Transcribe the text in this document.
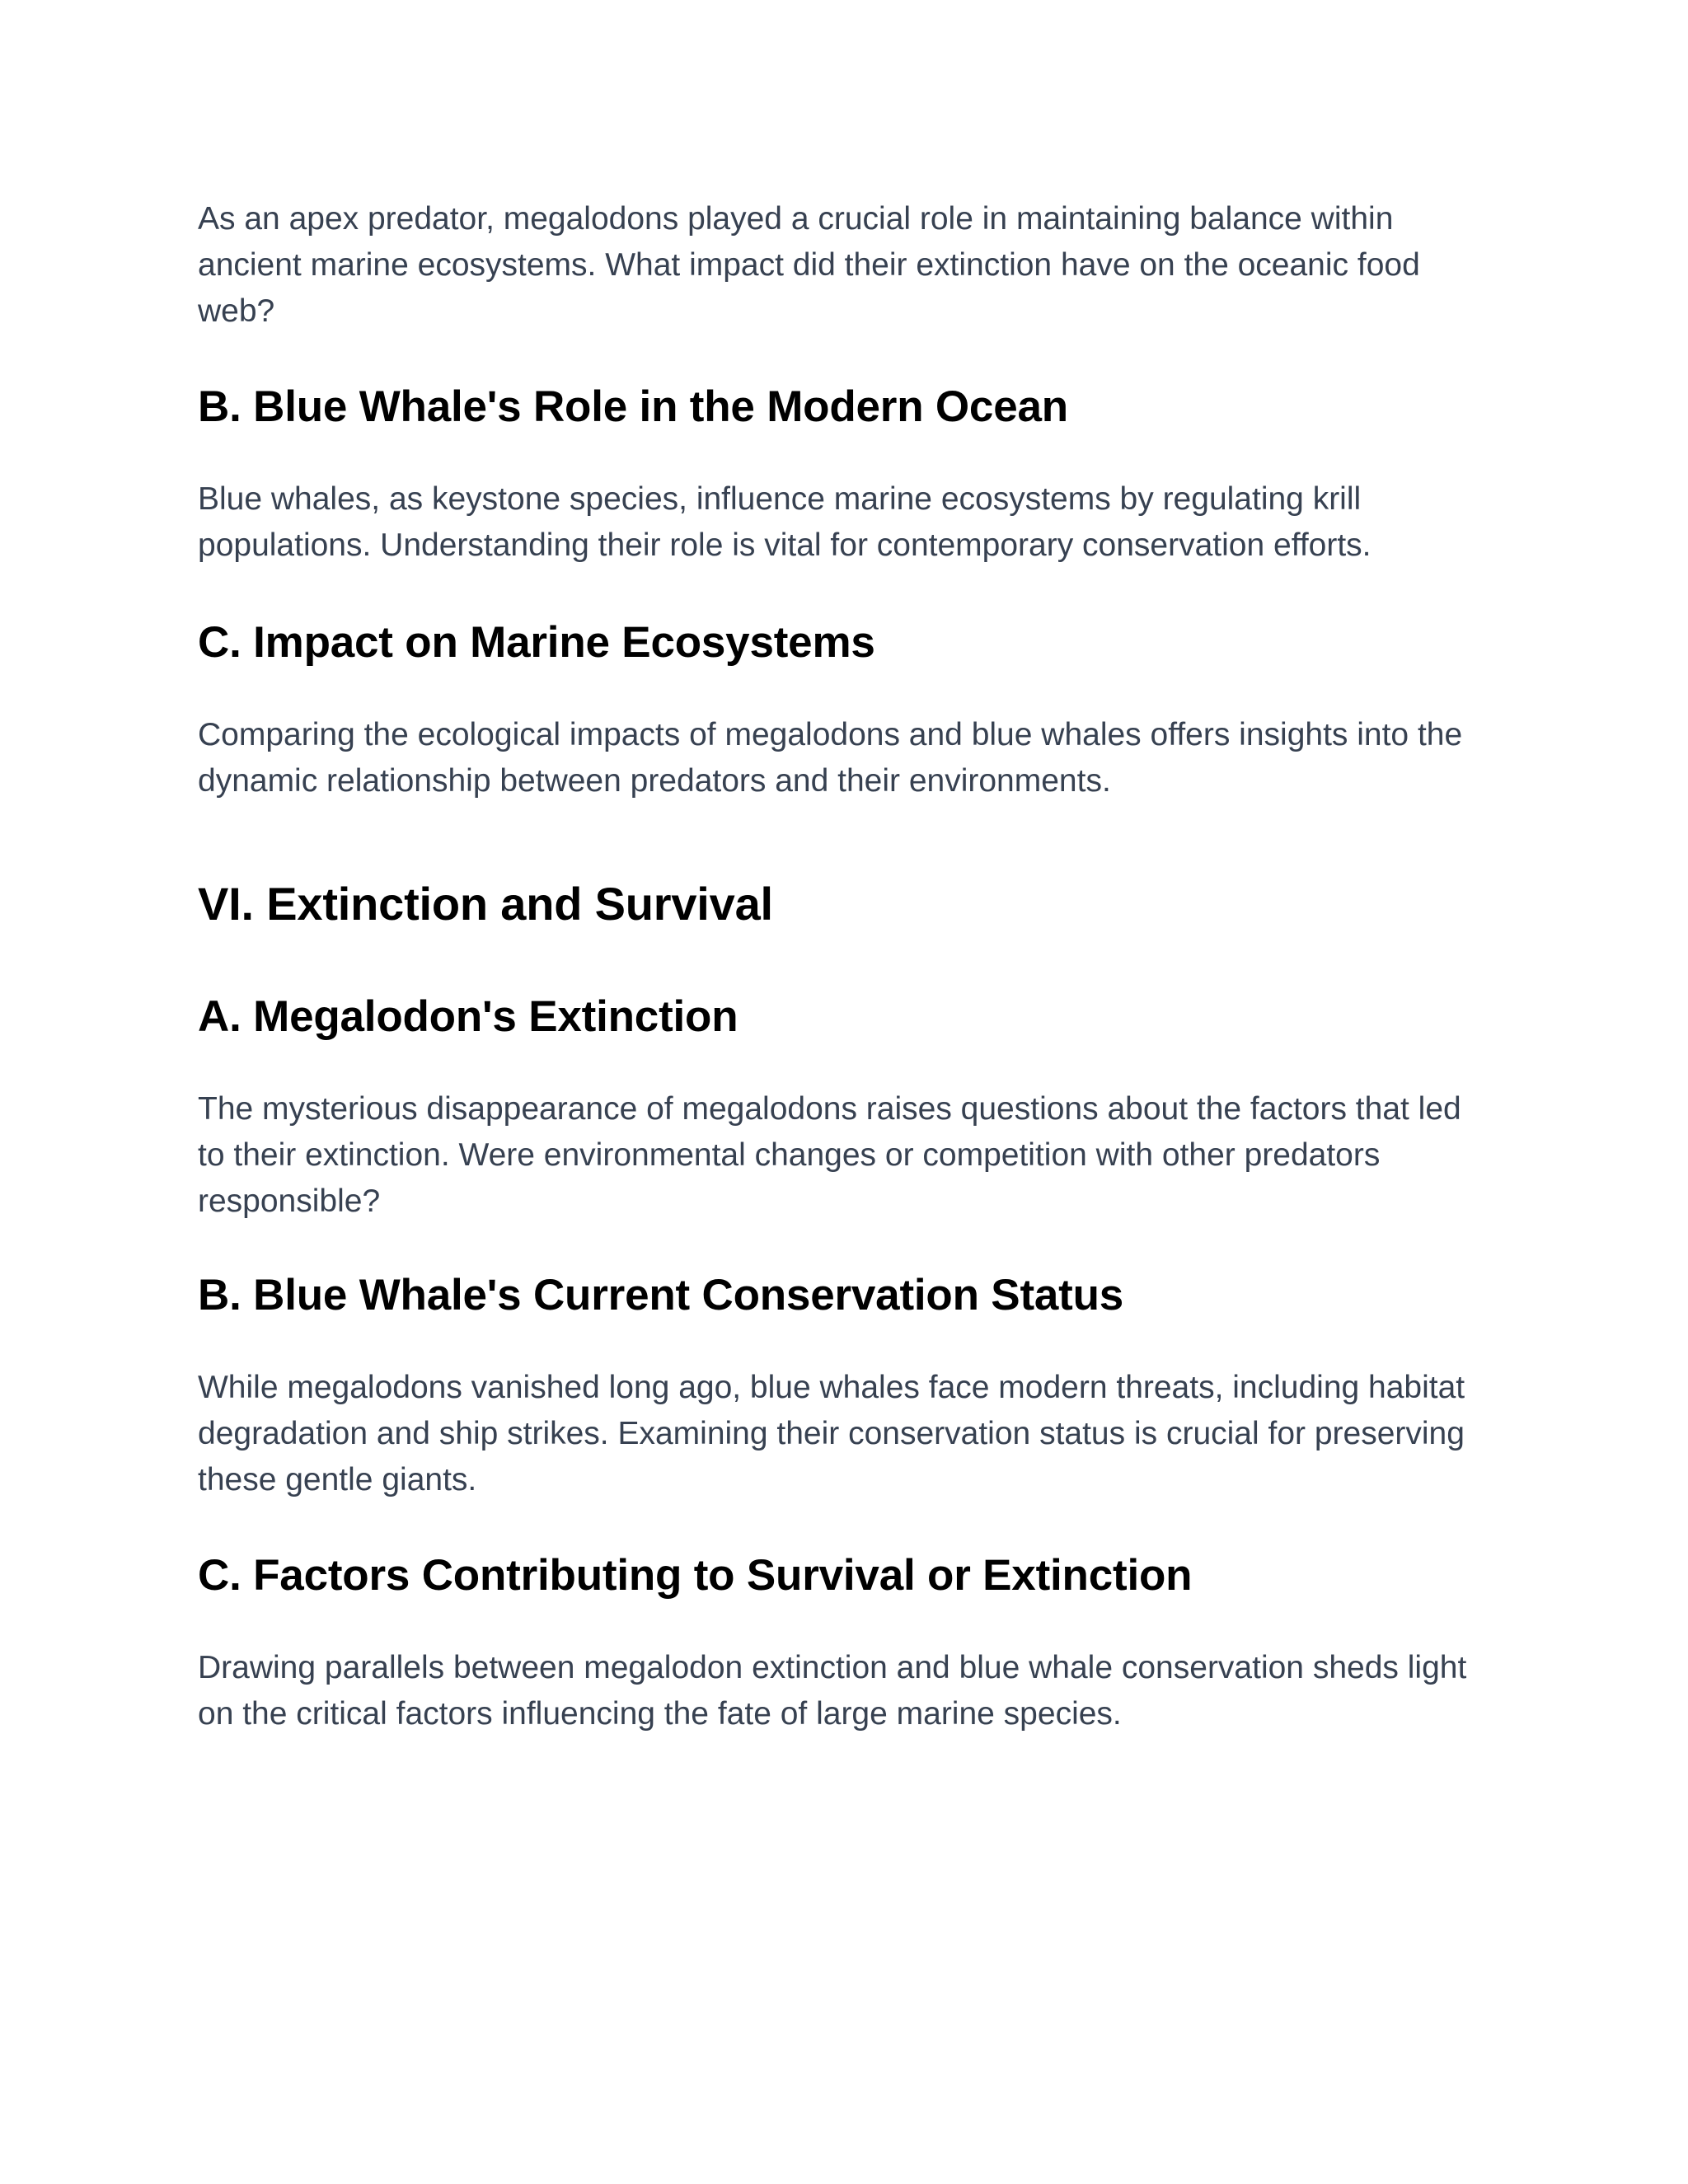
As an apex predator, megalodons played a crucial role in maintaining balance within ancient marine ecosystems. What impact did their extinction have on the oceanic food web?

B. Blue Whale's Role in the Modern Ocean

Blue whales, as keystone species, influence marine ecosystems by regulating krill populations. Understanding their role is vital for contemporary conservation efforts.

C. Impact on Marine Ecosystems

Comparing the ecological impacts of megalodons and blue whales offers insights into the dynamic relationship between predators and their environments.

VI. Extinction and Survival
A. Megalodon's Extinction

The mysterious disappearance of megalodons raises questions about the factors that led to their extinction. Were environmental changes or competition with other predators responsible?

B. Blue Whale's Current Conservation Status

While megalodons vanished long ago, blue whales face modern threats, including habitat degradation and ship strikes. Examining their conservation status is crucial for preserving these gentle giants.

C. Factors Contributing to Survival or Extinction

Drawing parallels between megalodon extinction and blue whale conservation sheds light on the critical factors influencing the fate of large marine species.
